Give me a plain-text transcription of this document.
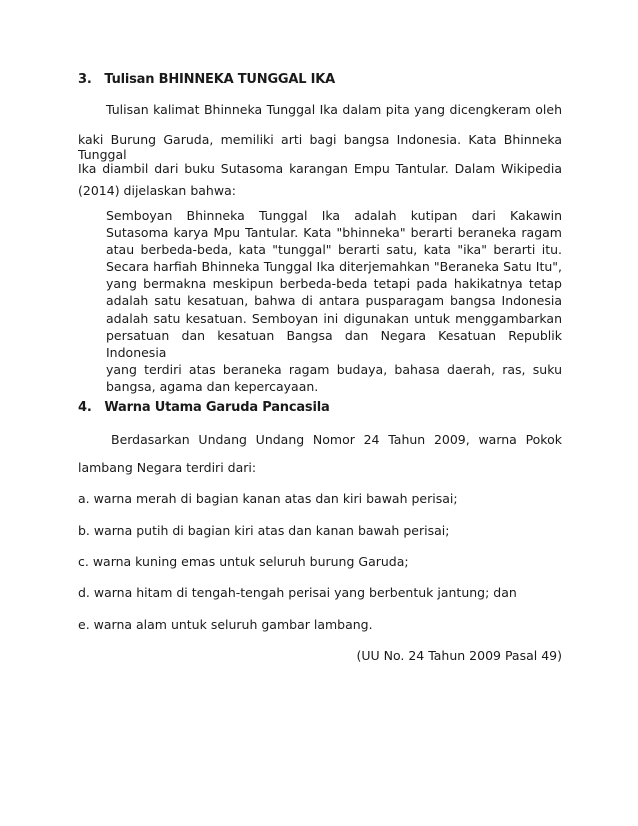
3. Tulisan BHINNEKA TUNGGAL IKA
Tulisan kalimat Bhinneka Tunggal Ika dalam pita yang dicengkeram oleh
kaki Burung Garuda, memiliki arti bagi bangsa Indonesia. Kata Bhinneka Tunggal
Ika diambil dari buku Sutasoma karangan Empu Tantular. Dalam Wikipedia
(2014) dijelaskan bahwa:
Semboyan Bhinneka Tunggal Ika adalah kutipan dari Kakawin
Sutasoma karya Mpu Tantular. Kata "bhinneka" berarti beraneka ragam
atau berbeda-beda, kata "tunggal" berarti satu, kata "ika" berarti itu.
Secara harfiah Bhinneka Tunggal Ika diterjemahkan "Beraneka Satu Itu",
yang bermakna meskipun berbeda-beda tetapi pada hakikatnya tetap
adalah satu kesatuan, bahwa di antara pusparagam bangsa Indonesia
adalah satu kesatuan. Semboyan ini digunakan untuk menggambarkan
persatuan dan kesatuan Bangsa dan Negara Kesatuan Republik Indonesia
yang terdiri atas beraneka ragam budaya, bahasa daerah, ras, suku
bangsa, agama dan kepercayaan.
4. Warna Utama Garuda Pancasila
Berdasarkan Undang Undang Nomor 24 Tahun 2009, warna Pokok
lambang Negara terdiri dari:
a. warna merah di bagian kanan atas dan kiri bawah perisai;
b. warna putih di bagian kiri atas dan kanan bawah perisai;
c. warna kuning emas untuk seluruh burung Garuda;
d. warna hitam di tengah-tengah perisai yang berbentuk jantung; dan
e. warna alam untuk seluruh gambar lambang.
(UU No. 24 Tahun 2009 Pasal 49)
